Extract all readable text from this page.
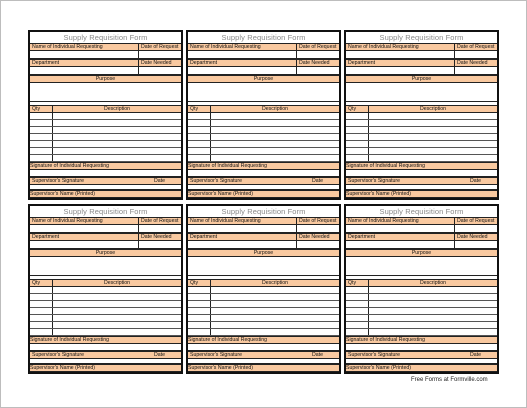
Supply Requisition Form
Name of Individual Requesting	Date of Request
Department	Date Needed
Purpose
Qty	Description
Signature of Individual Requesting
Supervisor's Signature	Date
Supervisor's Name (Printed)
Supply Requisition Form
Name of Individual Requesting	Date of Request
Department	Date Needed
Purpose
Qty	Description
Signature of Individual Requesting
Supervisor's Signature	Date
Supervisor's Name (Printed)
Supply Requisition Form
Name of Individual Requesting	Date of Request
Department	Date Needed
Purpose
Qty	Description
Signature of Individual Requesting
Supervisor's Signature	Date
Supervisor's Name (Printed)
Supply Requisition Form
Name of Individual Requesting	Date of Request
Department	Date Needed
Purpose
Qty	Description
Signature of Individual Requesting
Supervisor's Signature	Date
Supervisor's Name (Printed)
Supply Requisition Form
Name of Individual Requesting	Date of Request
Department	Date Needed
Purpose
Qty	Description
Signature of Individual Requesting
Supervisor's Signature	Date
Supervisor's Name (Printed)
Supply Requisition Form
Name of Individual Requesting	Date of Request
Department	Date Needed
Purpose
Qty	Description
Signature of Individual Requesting
Supervisor's Signature	Date
Supervisor's Name (Printed)
Free Forms at Formville.com
